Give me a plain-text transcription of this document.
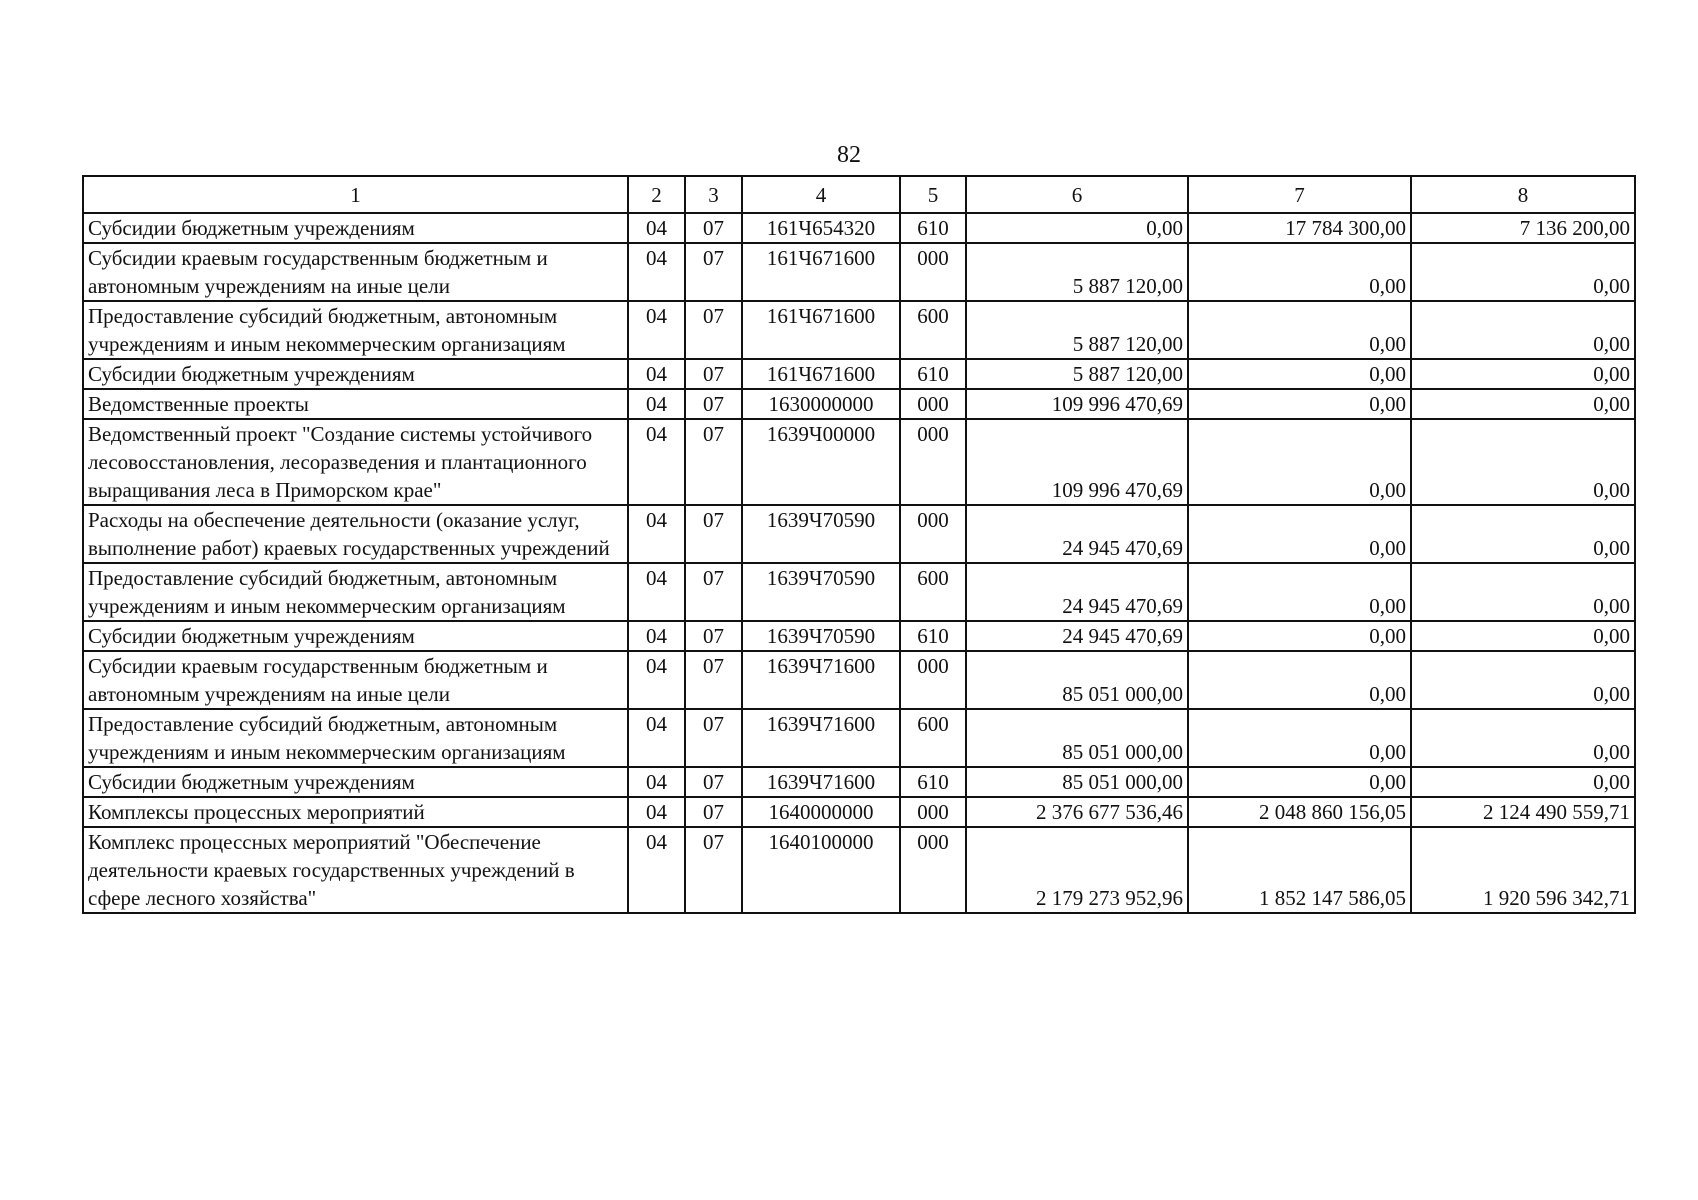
82
1	2	3	4	5	6	7	8
Субсидии бюджетным учреждениям	04	07	161Ч654320	610	0,00	17 784 300,00	7 136 200,00
Субсидии краевым государственным бюджетным и автономным учреждениям на иные цели	04	07	161Ч671600	000	5 887 120,00	0,00	0,00
Предоставление субсидий бюджетным, автономным учреждениям и иным некоммерческим организациям	04	07	161Ч671600	600	5 887 120,00	0,00	0,00
Субсидии бюджетным учреждениям	04	07	161Ч671600	610	5 887 120,00	0,00	0,00
Ведомственные проекты	04	07	1630000000	000	109 996 470,69	0,00	0,00
Ведомственный проект "Создание системы устойчивого лесовосстановления, лесоразведения и плантационного выращивания леса в Приморском крае"	04	07	1639Ч00000	000	109 996 470,69	0,00	0,00
Расходы на обеспечение деятельности (оказание услуг, выполнение работ) краевых государственных учреждений	04	07	1639Ч70590	000	24 945 470,69	0,00	0,00
Предоставление субсидий бюджетным, автономным учреждениям и иным некоммерческим организациям	04	07	1639Ч70590	600	24 945 470,69	0,00	0,00
Субсидии бюджетным учреждениям	04	07	1639Ч70590	610	24 945 470,69	0,00	0,00
Субсидии краевым государственным бюджетным и автономным учреждениям на иные цели	04	07	1639Ч71600	000	85 051 000,00	0,00	0,00
Предоставление субсидий бюджетным, автономным учреждениям и иным некоммерческим организациям	04	07	1639Ч71600	600	85 051 000,00	0,00	0,00
Субсидии бюджетным учреждениям	04	07	1639Ч71600	610	85 051 000,00	0,00	0,00
Комплексы процессных мероприятий	04	07	1640000000	000	2 376 677 536,46	2 048 860 156,05	2 124 490 559,71
Комплекс процессных мероприятий "Обеспечение деятельности краевых государственных учреждений в сфере лесного хозяйства"	04	07	1640100000	000	2 179 273 952,96	1 852 147 586,05	1 920 596 342,71
